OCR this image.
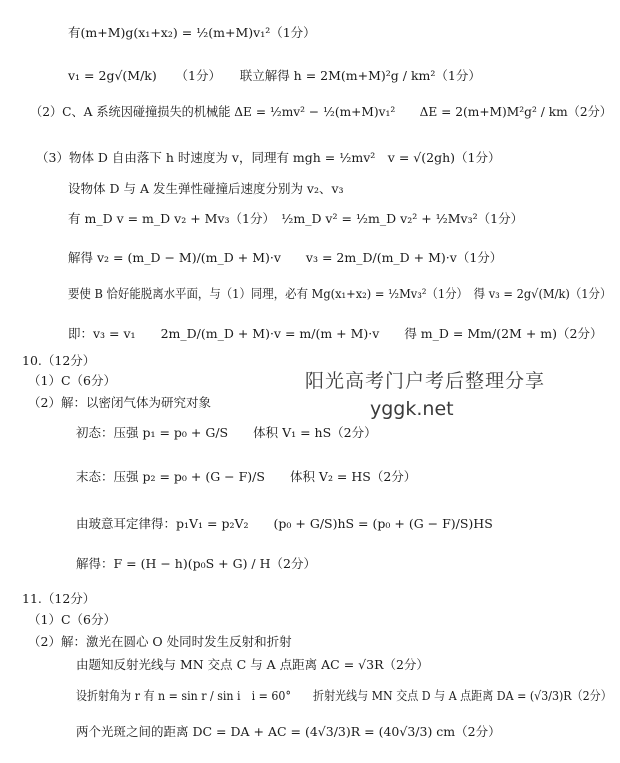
有(m+M)g(x₁+x₂) = ½(m+M)v₁²（1分）
v₁ = 2g√(M/k)　　（1分）　　联立解得 h = 2M(m+M)²g / km²（1分）
（2）C、A 系统因碰撞损失的机械能 ΔE = ½mv² − ½(m+M)v₁²　　ΔE = 2(m+M)M²g² / km（2分）
（3）物体 D 自由落下 h 时速度为 v，同理有 mgh = ½mv²　v = √(2gh)（1分）
设物体 D 与 A 发生弹性碰撞后速度分别为 v₂、v₃
有 m_D v = m_D v₂ + Mv₃（1分）　½m_D v² = ½m_D v₂² + ½Mv₃²（1分）
解得 v₂ = (m_D − M)/(m_D + M)·v　　v₃ = 2m_D/(m_D + M)·v（1分）
要使 B 恰好能脱离水平面，与（1）同理，必有 Mg(x₁+x₂) = ½Mv₃²（1分）　得 v₃ = 2g√(M/k)（1分）
即：v₃ = v₁　　2m_D/(m_D + M)·v = m/(m + M)·v　　得 m_D = Mm/(2M + m)（2分）
10.（12分）
阳光高考门户考后整理分享
（1）C（6分）
（2）解：以密闭气体为研究对象	yggk.net
初态：压强 p₁ = p₀ + G/S　　体积 V₁ = hS（2分）
末态：压强 p₂ = p₀ + (G − F)/S　　体积 V₂ = HS（2分）
由玻意耳定律得：p₁V₁ = p₂V₂　　(p₀ + G/S)hS = (p₀ + (G − F)/S)HS
解得：F = (H − h)(p₀S + G) / H（2分）
11.（12分）
（1）C（6分）
（2）解：激光在圆心 O 处同时发生反射和折射
由题知反射光线与 MN 交点 C 与 A 点距离 AC = √3R（2分）
设折射角为 r 有 n = sin r / sin i　i = 60°　　折射光线与 MN 交点 D 与 A 点距离 DA = (√3/3)R（2分）
两个光斑之间的距离 DC = DA + AC = (4√3/3)R = (40√3/3) cm（2分）
